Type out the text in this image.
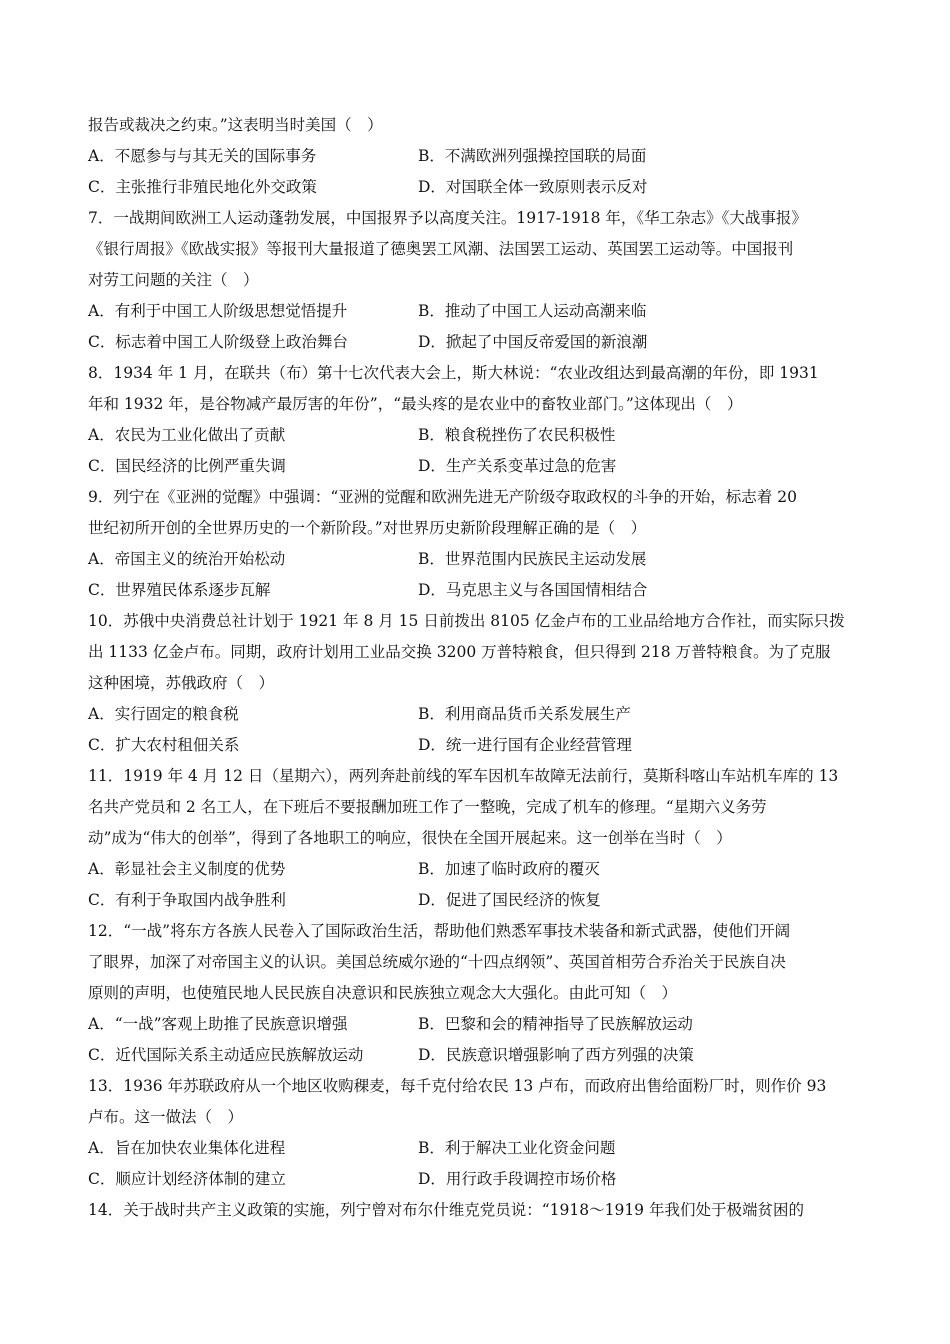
报告或裁决之约束。”这表明当时美国（　）
A．不愿参与与其无关的国际事务	B．不满欧洲列强操控国联的局面
C．主张推行非殖民地化外交政策	D．对国联全体一致原则表示反对
7．一战期间欧洲工人运动蓬勃发展，中国报界予以高度关注。1917-1918 年，《华工杂志》《大战事报》
《银行周报》《欧战实报》等报刊大量报道了德奥罢工风潮、法国罢工运动、英国罢工运动等。中国报刊
对劳工问题的关注（　）
A．有利于中国工人阶级思想觉悟提升	B．推动了中国工人运动高潮来临
C．标志着中国工人阶级登上政治舞台	D．掀起了中国反帝爱国的新浪潮
8．1934 年 1 月，在联共（布）第十七次代表大会上，斯大林说：“农业改组达到最高潮的年份，即 1931
年和 1932 年，是谷物减产最厉害的年份”，“最头疼的是农业中的畜牧业部门。”这体现出（　）
A．农民为工业化做出了贡献	B．粮食税挫伤了农民积极性
C．国民经济的比例严重失调	D．生产关系变革过急的危害
9．列宁在《亚洲的觉醒》中强调：“亚洲的觉醒和欧洲先进无产阶级夺取政权的斗争的开始，标志着 20
世纪初所开创的全世界历史的一个新阶段。”对世界历史新阶段理解正确的是（　）
A．帝国主义的统治开始松动	B．世界范围内民族民主运动发展
C．世界殖民体系逐步瓦解	D．马克思主义与各国国情相结合
10．苏俄中央消费总社计划于 1921 年 8 月 15 日前拨出 8105 亿金卢布的工业品给地方合作社，而实际只拨
出 1133 亿金卢布。同期，政府计划用工业品交换 3200 万普特粮食，但只得到 218 万普特粮食。为了克服
这种困境，苏俄政府（　）
A．实行固定的粮食税	B．利用商品货币关系发展生产
C．扩大农村租佃关系	D．统一进行国有企业经营管理
11．1919 年 4 月 12 日（星期六），两列奔赴前线的军车因机车故障无法前行，莫斯科喀山车站机车库的 13
名共产党员和 2 名工人，在下班后不要报酬加班工作了一整晚，完成了机车的修理。“星期六义务劳
动”成为“伟大的创举”，得到了各地职工的响应，很快在全国开展起来。这一创举在当时（　）
A．彰显社会主义制度的优势	B．加速了临时政府的覆灭
C．有利于争取国内战争胜利	D．促进了国民经济的恢复
12．“一战”将东方各族人民卷入了国际政治生活，帮助他们熟悉军事技术装备和新式武器，使他们开阔
了眼界，加深了对帝国主义的认识。美国总统威尔逊的“十四点纲领”、英国首相劳合乔治关于民族自决
原则的声明，也使殖民地人民民族自决意识和民族独立观念大大强化。由此可知（　）
A．“一战”客观上助推了民族意识增强	B．巴黎和会的精神指导了民族解放运动
C．近代国际关系主动适应民族解放运动	D．民族意识增强影响了西方列强的决策
13．1936 年苏联政府从一个地区收购稞麦，每千克付给农民 13 卢布，而政府出售给面粉厂时，则作价 93
卢布。这一做法（　）
A．旨在加快农业集体化进程	B．利于解决工业化资金问题
C．顺应计划经济体制的建立	D．用行政手段调控市场价格
14．关于战时共产主义政策的实施，列宁曾对布尔什维克党员说：“1918～1919 年我们处于极端贫困的
